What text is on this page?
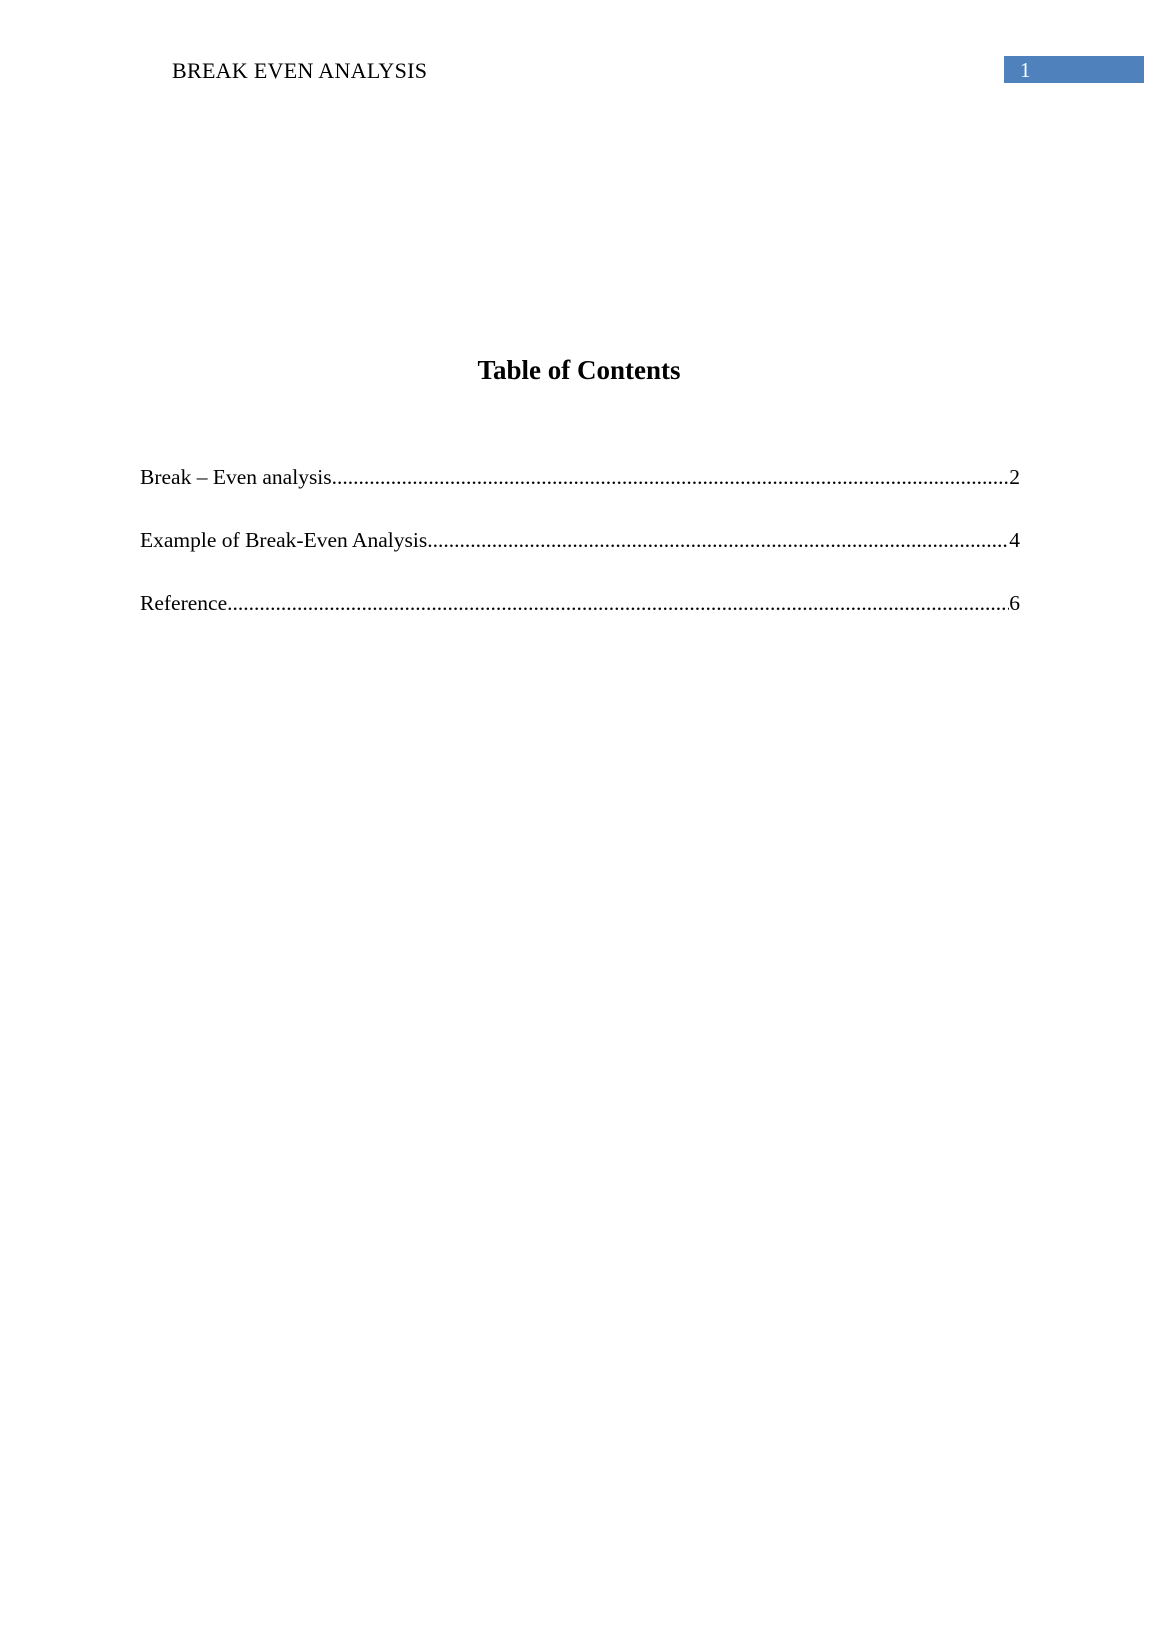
BREAK EVEN ANALYSIS	1
Table of Contents
Break – Even analysis .....	2
Example of Break-Even Analysis .....	4
Reference .....	6
